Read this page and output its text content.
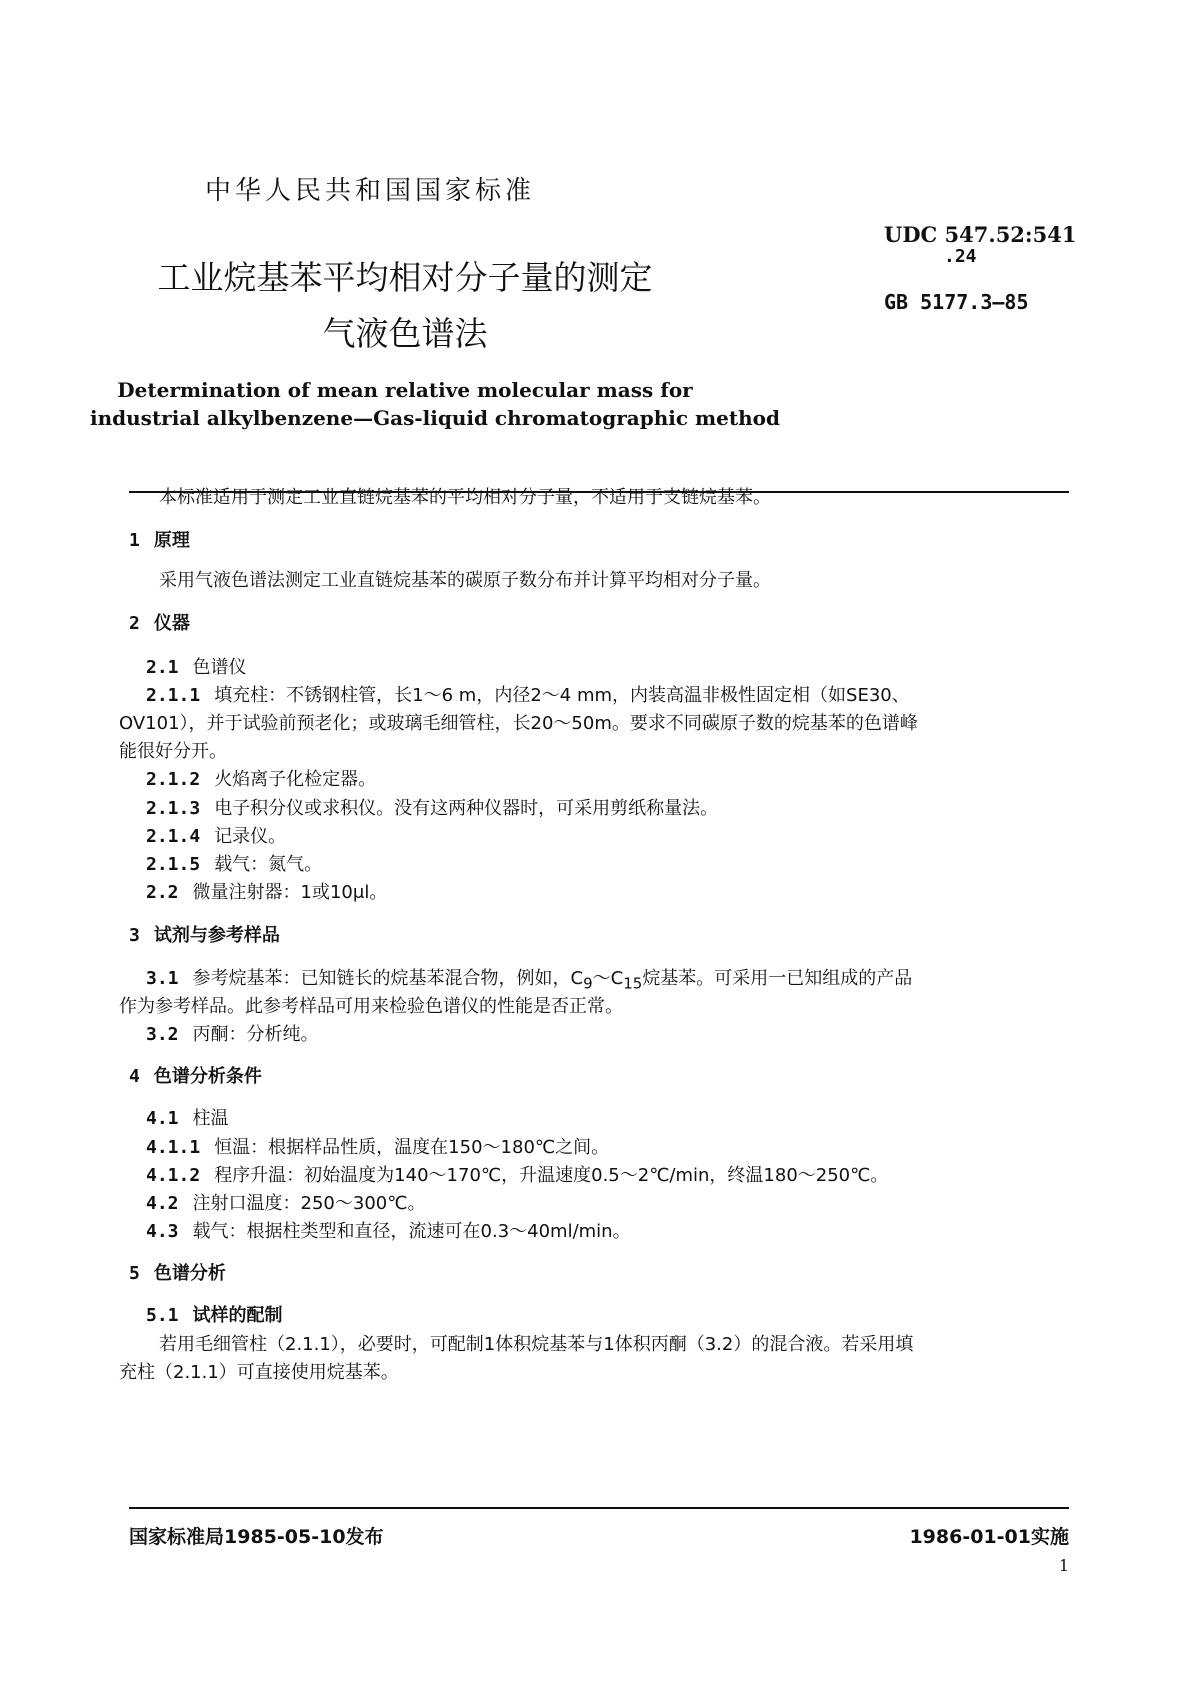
中华人民共和国国家标准
工业烷基苯平均相对分子量的测定
气液色谱法
UDC 547.52:541
.24
GB 5177.3—85
Determination of mean relative molecular mass for
industrial alkylbenzene—Gas-liquid chromatographic method
本标准适用于测定工业直链烷基苯的平均相对分子量，不适用于支链烷基苯。
1 原理
采用气液色谱法测定工业直链烷基苯的碳原子数分布并计算平均相对分子量。
2 仪器
2.1 色谱仪
2.1.1 填充柱：不锈钢柱管，长1～6 m，内径2～4 mm，内装高温非极性固定相（如SE30、
OV101），并于试验前预老化；或玻璃毛细管柱，长20～50m。要求不同碳原子数的烷基苯的色谱峰
能很好分开。
2.1.2 火焰离子化检定器。
2.1.3 电子积分仪或求积仪。没有这两种仪器时，可采用剪纸称量法。
2.1.4 记录仪。
2.1.5 载气：氮气。
2.2 微量注射器：1或10μl。
3 试剂与参考样品
3.1 参考烷基苯：已知链长的烷基苯混合物，例如，$C_9\sim C_{15}$烷基苯。可采用一已知组成的产品
作为参考样品。此参考样品可用来检验色谱仪的性能是否正常。
3.2 丙酮：分析纯。
4 色谱分析条件
4.1 柱温
4.1.1 恒温：根据样品性质，温度在150～180℃之间。
4.1.2 程序升温：初始温度为140～170℃，升温速度0.5～2℃/min，终温180～250℃。
4.2 注射口温度：250～300℃。
4.3 载气：根据柱类型和直径，流速可在0.3～40ml/min。
5 色谱分析
5.1 试样的配制
若用毛细管柱（2.1.1），必要时，可配制1体积烷基苯与1体积丙酮（3.2）的混合液。若采用填
充柱（2.1.1）可直接使用烷基苯。
国家标准局1985-05-10发布	1986-01-01实施
1
